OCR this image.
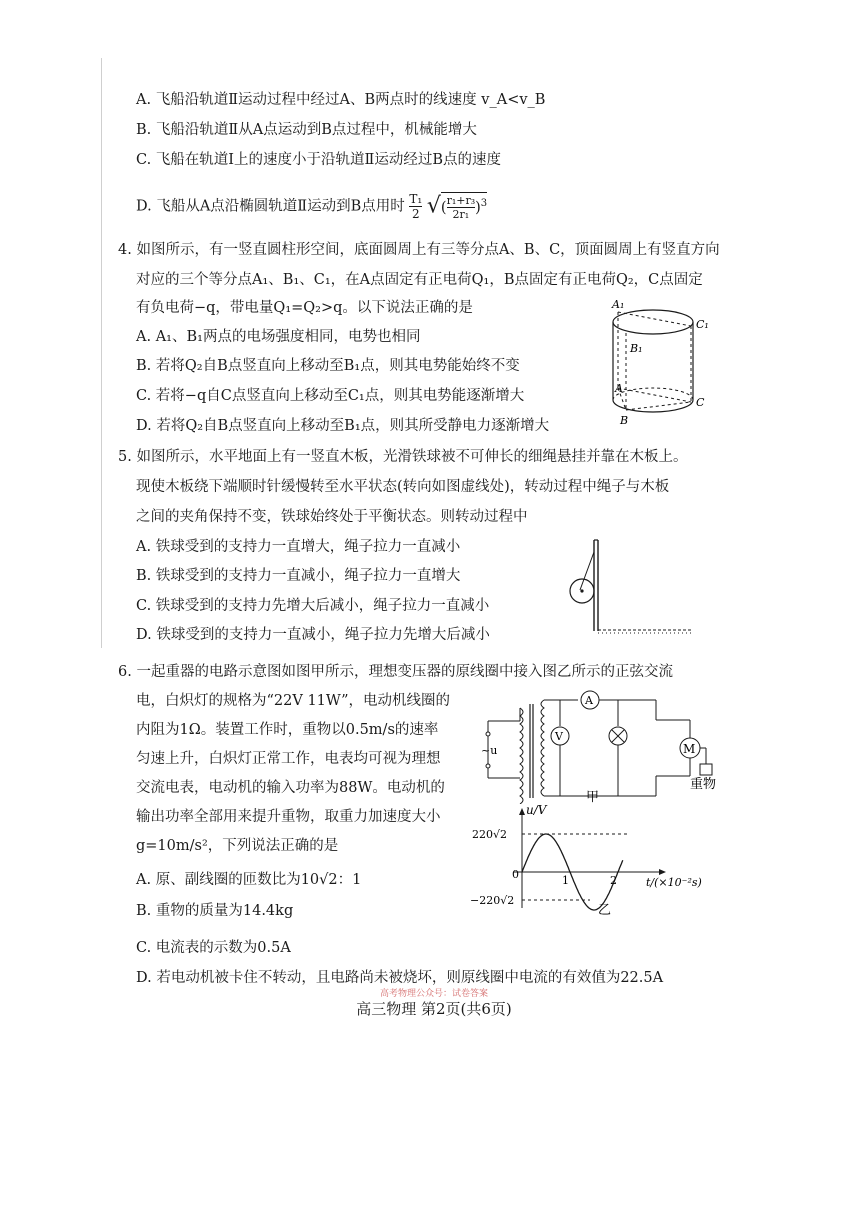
A. 飞船沿轨道Ⅱ运动过程中经过A、B两点时的线速度 v_A<v_B
B. 飞船沿轨道Ⅱ从A点运动到B点过程中，机械能增大
C. 飞船在轨道Ⅰ上的速度小于沿轨道Ⅱ运动经过B点的速度
D. 飞船从A点沿椭圆轨道Ⅱ运动到B点用时 $\frac{\text{T₁}}{2}$ √( $\frac{\text{r₁+r₃}}{\text{2r₁}} )^3$
4. 如图所示，有一竖直圆柱形空间，底面圆周上有三等分点A、B、C，顶面圆周上有竖直方向
对应的三个等分点A₁、B₁、C₁，在A点固定有正电荷Q₁，B点固定有正电荷Q₂，C点固定
有负电荷−q，带电量Q₁=Q₂>q。以下说法正确的是
A. A₁、B₁两点的电场强度相同，电势也相同
B. 若将Q₂自B点竖直向上移动至B₁点，则其电势能始终不变
C. 若将−q自C点竖直向上移动至C₁点，则其电势能逐渐增大
D. 若将Q₂自B点竖直向上移动至B₁点，则其所受静电力逐渐增大
A₁
B₁
C₁
A
B
C
5. 如图所示，水平地面上有一竖直木板，光滑铁球被不可伸长的细绳悬挂并靠在木板上。
现使木板绕下端顺时针缓慢转至水平状态(转向如图虚线处)，转动过程中绳子与木板
之间的夹角保持不变，铁球始终处于平衡状态。则转动过程中
A. 铁球受到的支持力一直增大，绳子拉力一直减小
B. 铁球受到的支持力一直减小，绳子拉力一直增大
C. 铁球受到的支持力先增大后减小，绳子拉力一直减小
D. 铁球受到的支持力一直减小，绳子拉力先增大后减小
6. 一起重器的电路示意图如图甲所示，理想变压器的原线圈中接入图乙所示的正弦交流
电，白炽灯的规格为“22V 11W”，电动机线圈的
内阻为1Ω。装置工作时，重物以0.5m/s的速率
匀速上升，白炽灯正常工作，电表均可视为理想
交流电表，电动机的输入功率为88W。电动机的
输出功率全部用来提升重物，取重力加速度大小
g=10m/s²，下列说法正确的是
A. 原、副线圈的匝数比为10√2：1
B. 重物的质量为14.4kg
C. 电流表的示数为0.5A
D. 若电动机被卡住不转动，且电路尚未被烧坏，则原线圈中电流的有效值为22.5A
~u
A
V
M
甲
重物
u/V
220√2
−220√2
0	1	2	t/(×10⁻²s)
乙
高考物理公众号：试卷答案
高三物理 第2页(共6页)
